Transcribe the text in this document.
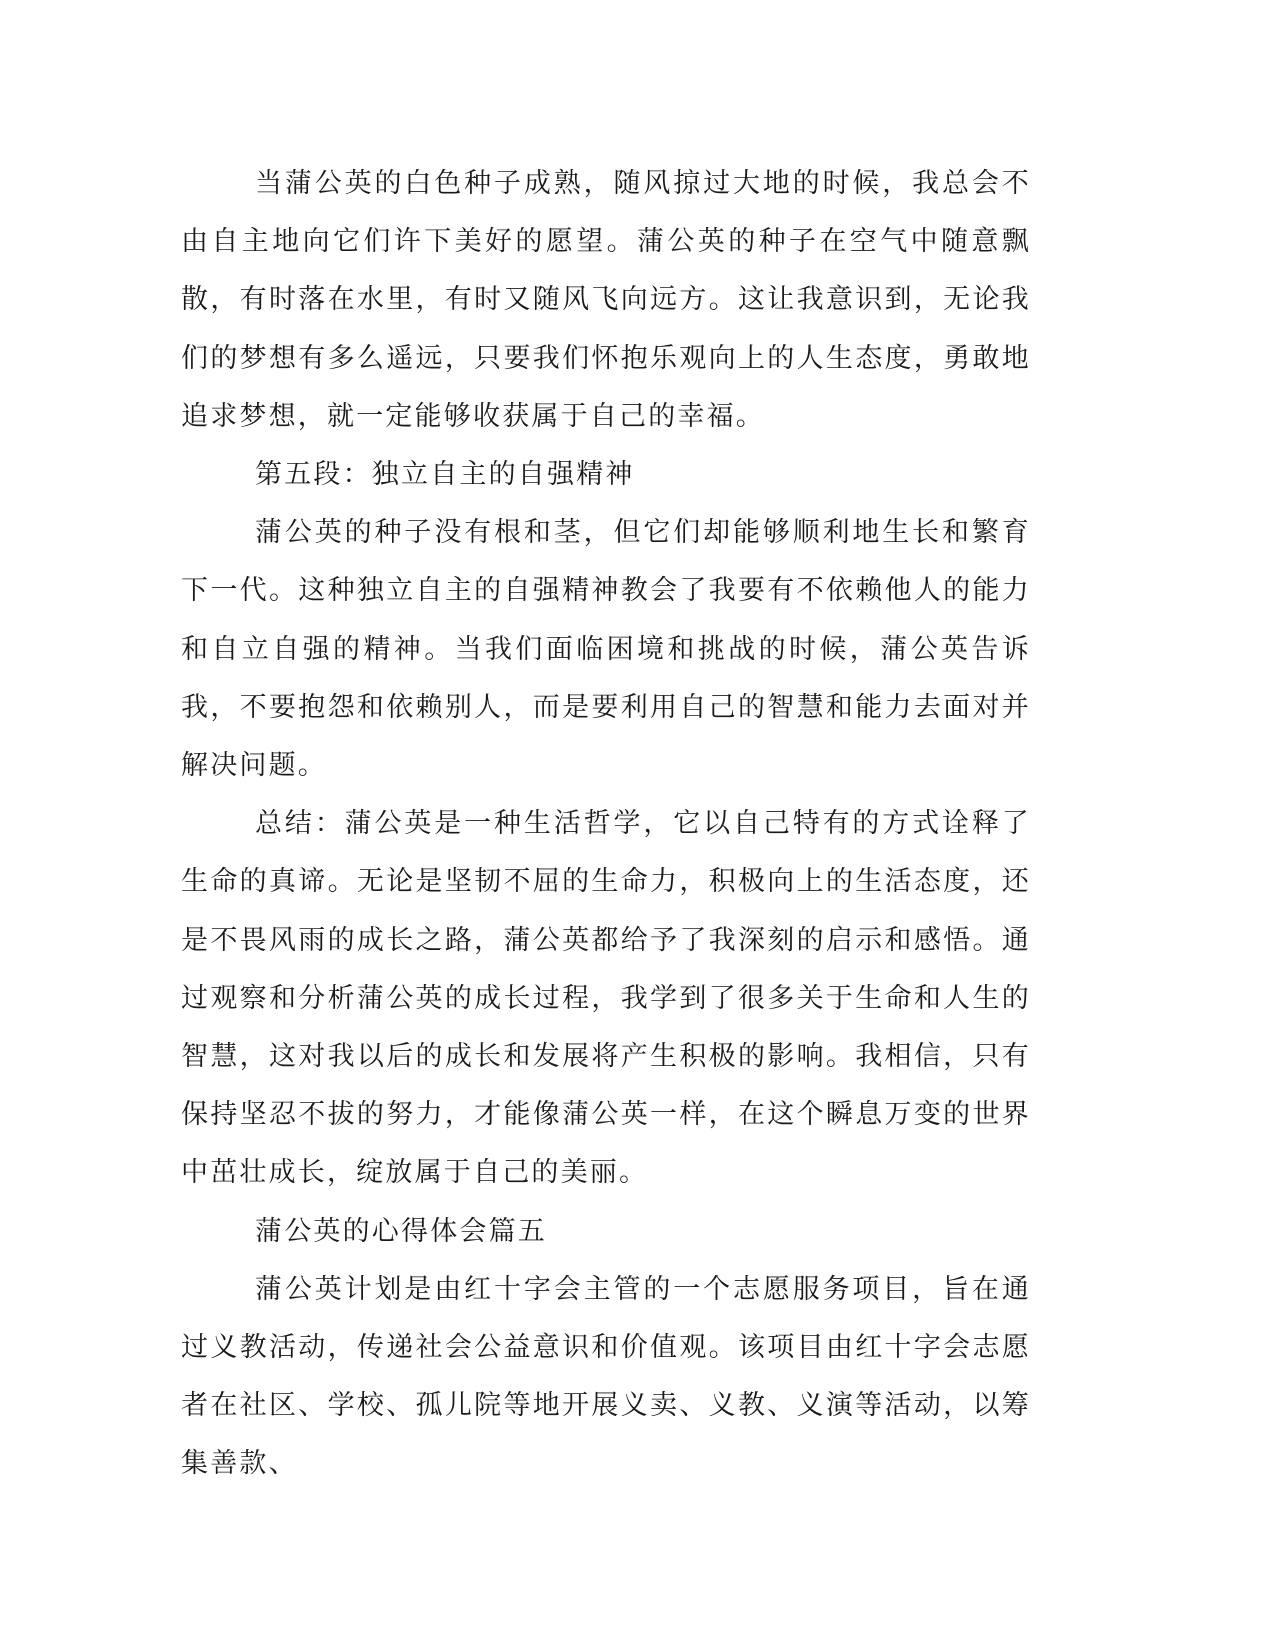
当蒲公英的白色种子成熟，随风掠过大地的时候，我总会不由自主地向它们许下美好的愿望。蒲公英的种子在空气中随意飘散，有时落在水里，有时又随风飞向远方。这让我意识到，无论我们的梦想有多么遥远，只要我们怀抱乐观向上的人生态度，勇敢地追求梦想，就一定能够收获属于自己的幸福。

第五段：独立自主的自强精神

蒲公英的种子没有根和茎，但它们却能够顺利地生长和繁育下一代。这种独立自主的自强精神教会了我要有不依赖他人的能力和自立自强的精神。当我们面临困境和挑战的时候，蒲公英告诉我，不要抱怨和依赖别人，而是要利用自己的智慧和能力去面对并解决问题。

总结：蒲公英是一种生活哲学，它以自己特有的方式诠释了生命的真谛。无论是坚韧不屈的生命力，积极向上的生活态度，还是不畏风雨的成长之路，蒲公英都给予了我深刻的启示和感悟。通过观察和分析蒲公英的成长过程，我学到了很多关于生命和人生的智慧，这对我以后的成长和发展将产生积极的影响。我相信，只有保持坚忍不拔的努力，才能像蒲公英一样，在这个瞬息万变的世界中茁壮成长，绽放属于自己的美丽。

蒲公英的心得体会篇五

蒲公英计划是由红十字会主管的一个志愿服务项目，旨在通过义教活动，传递社会公益意识和价值观。该项目由红十字会志愿者在社区、学校、孤儿院等地开展义卖、义教、义演等活动，以筹集善款、
